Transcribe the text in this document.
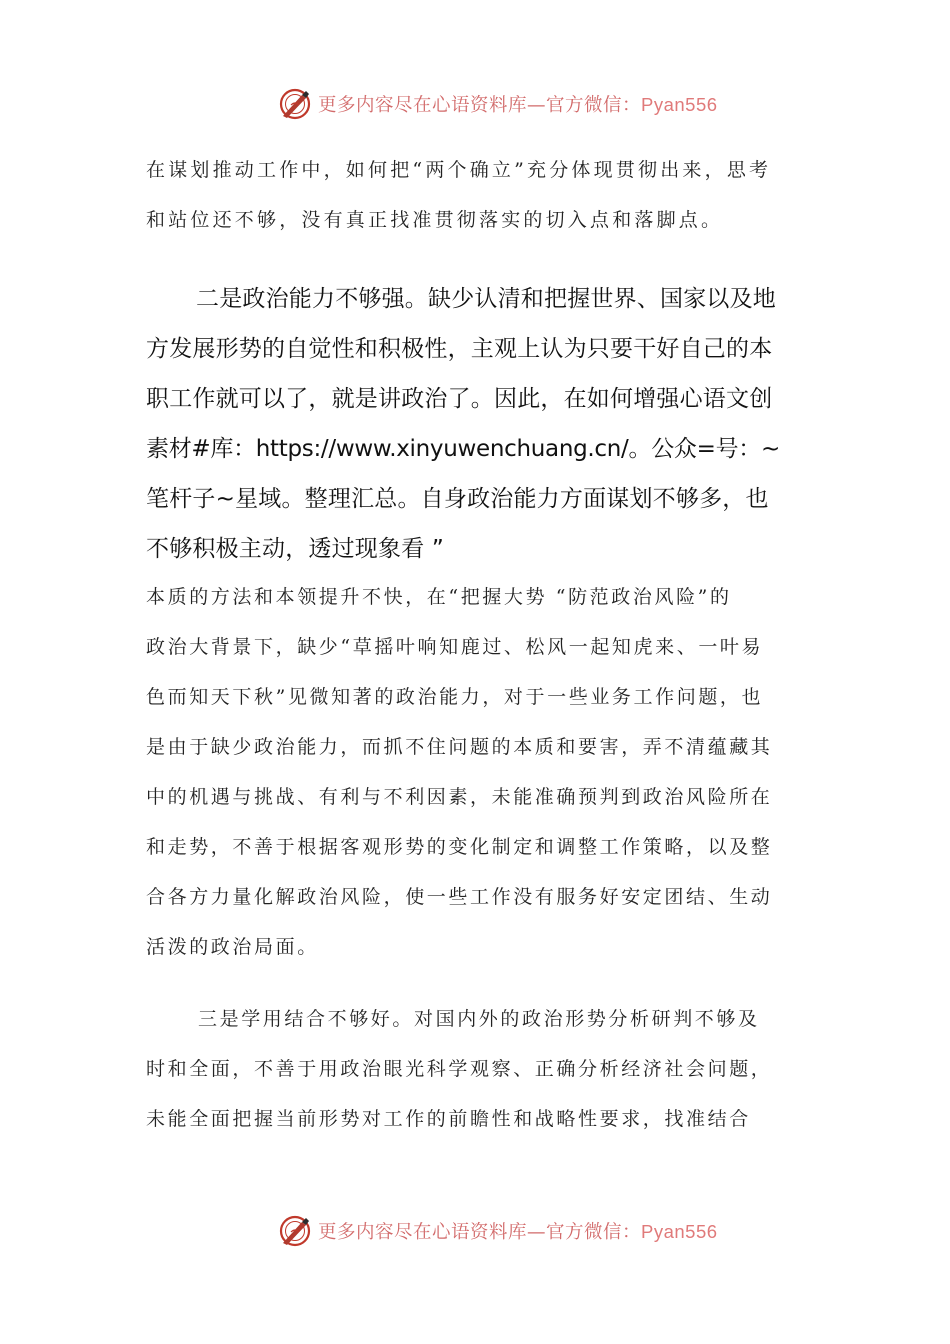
更多内容尽在心语资料库—官方微信：Pyan556
在谋划推动工作中，如何把“两个确立”充分体现贯彻出来，思考
和站位还不够，没有真正找准贯彻落实的切入点和落脚点。
二是政治能力不够强。缺少认清和把握世界、国家以及地
方发展形势的自觉性和积极性，主观上认为只要干好自己的本
职工作就可以了，就是讲政治了。因此，在如何增强心语文创
素材#库：https://www.xinyuwenchuang.cn/。公众=号：~
笔杆子~星域。整理汇总。自身政治能力方面谋划不够多，也
不够积极主动，透过现象看 ”
本质的方法和本领提升不快，在“把握大势 “防范政治风险”的
政治大背景下，缺少“草摇叶响知鹿过、松风一起知虎来、一叶易
色而知天下秋”见微知著的政治能力，对于一些业务工作问题，也
是由于缺少政治能力，而抓不住问题的本质和要害，弄不清蕴藏其
中的机遇与挑战、有利与不利因素，未能准确预判到政治风险所在
和走势，不善于根据客观形势的变化制定和调整工作策略，以及整
合各方力量化解政治风险，使一些工作没有服务好安定团结、生动
活泼的政治局面。
三是学用结合不够好。对国内外的政治形势分析研判不够及
时和全面，不善于用政治眼光科学观察、正确分析经济社会问题，
未能全面把握当前形势对工作的前瞻性和战略性要求，找准结合
更多内容尽在心语资料库—官方微信：Pyan556
